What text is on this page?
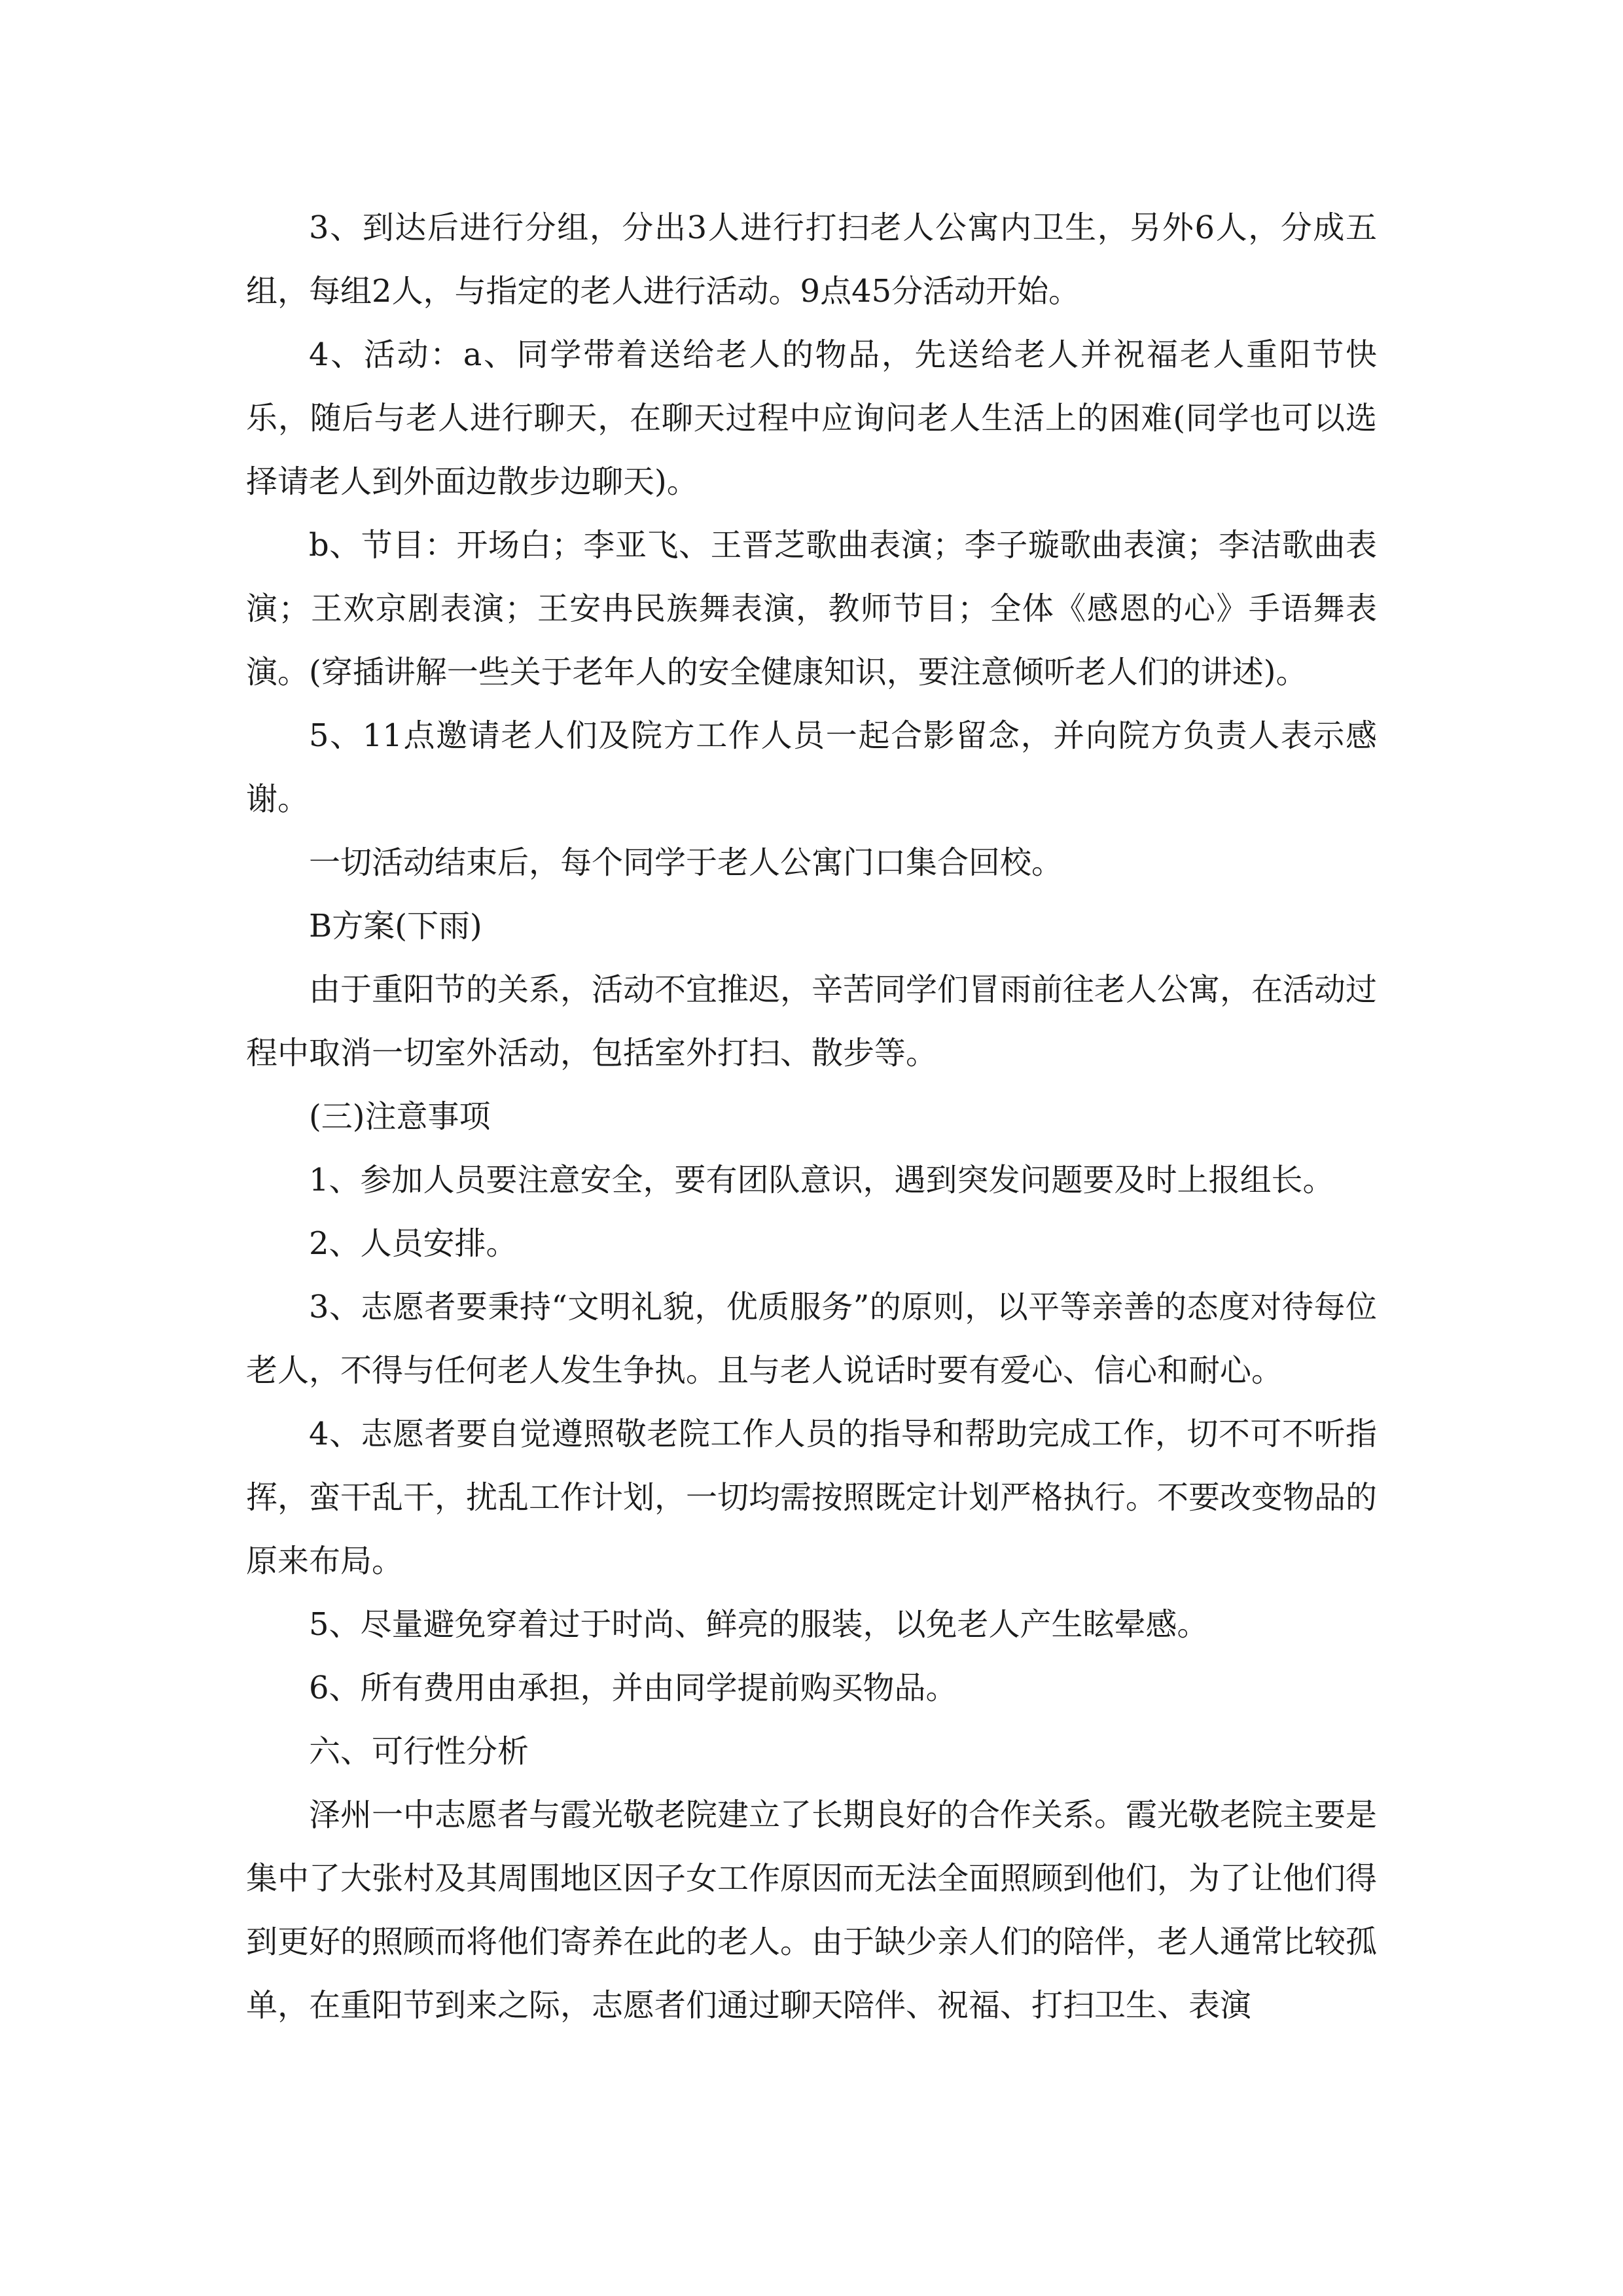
3、到达后进行分组，分出3人进行打扫老人公寓内卫生，另外6人，分成五组，每组2人，与指定的老人进行活动。9点45分活动开始。

4、活动：a、同学带着送给老人的物品，先送给老人并祝福老人重阳节快乐，随后与老人进行聊天，在聊天过程中应询问老人生活上的困难(同学也可以选择请老人到外面边散步边聊天)。

b、节目：开场白；李亚飞、王晋芝歌曲表演；李子璇歌曲表演；李洁歌曲表演；王欢京剧表演；王安冉民族舞表演，教师节目；全体《感恩的心》手语舞表演。(穿插讲解一些关于老年人的安全健康知识，要注意倾听老人们的讲述)。

5、11点邀请老人们及院方工作人员一起合影留念，并向院方负责人表示感谢。

一切活动结束后，每个同学于老人公寓门口集合回校。

B方案(下雨)

由于重阳节的关系，活动不宜推迟，辛苦同学们冒雨前往老人公寓，在活动过程中取消一切室外活动，包括室外打扫、散步等。

(三)注意事项

1、参加人员要注意安全，要有团队意识，遇到突发问题要及时上报组长。

2、人员安排。

3、志愿者要秉持“文明礼貌，优质服务”的原则，以平等亲善的态度对待每位老人，不得与任何老人发生争执。且与老人说话时要有爱心、信心和耐心。

4、志愿者要自觉遵照敬老院工作人员的指导和帮助完成工作，切不可不听指挥，蛮干乱干，扰乱工作计划，一切均需按照既定计划严格执行。不要改变物品的原来布局。

5、尽量避免穿着过于时尚、鲜亮的服装，以免老人产生眩晕感。

6、所有费用由承担，并由同学提前购买物品。

六、可行性分析

泽州一中志愿者与霞光敬老院建立了长期良好的合作关系。霞光敬老院主要是集中了大张村及其周围地区因子女工作原因而无法全面照顾到他们，为了让他们得到更好的照顾而将他们寄养在此的老人。由于缺少亲人们的陪伴，老人通常比较孤单，在重阳节到来之际，志愿者们通过聊天陪伴、祝福、打扫卫生、表演
